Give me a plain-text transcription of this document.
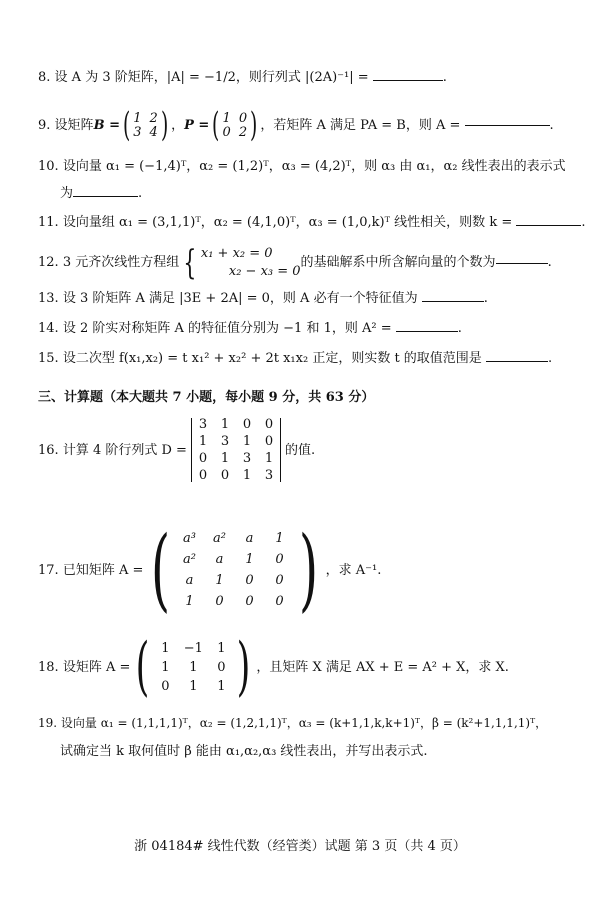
8. 设 A 为 3 阶矩阵，|A| = −1/2，则行列式 |(2A)⁻¹| =	.
9.
设矩阵 B = ( 1 2
3 4 ) ， P = ( 1 0
0 2 ) ，若矩阵 A 满足 PA = B，则 A =
	.
10. 设向量 α₁ = (−1,4)ᵀ，α₂ = (1,2)ᵀ，α₃ = (4,2)ᵀ，则 α₃ 由 α₁，α₂ 线性表出的表示式
为	.
11. 设向量组 α₁ = (3,1,1)ᵀ，α₂ = (4,1,0)ᵀ，α₃ = (1,0,k)ᵀ 线性相关，则数 k =	.
12.
3 元齐次线性方程组 { x₁ + x₂ = 0
x₂ − x₃ = 0
的基础解系中所含解向量的个数为	.
13. 设 3 阶矩阵 A 满足 |3E + 2A| = 0，则 A 必有一个特征值为	.
14. 设 2 阶实对称矩阵 A 的特征值分别为 −1 和 1，则 A² =	.
15. 设二次型 f(x₁,x₂) = t x₁² + x₂² + 2t x₁x₂ 正定，则实数 t 的取值范围是	.
三、计算题（本大题共 7 小题，每小题 9 分，共 63 分）
16.
计算 4 阶行列式 D =
3 1 0 0
1 3 1 0
0 1 3 1
0 0 1 3
的值.
17.
已知矩阵 A = ( a³	a²	a	1
a²	a	1	0
a	1	0	0
1	0	0	0 ) ，求 A⁻¹.
18.
设矩阵 A = ( 1	−1	1
1	1	0
0	1	1 ) ，且矩阵 X 满足 AX + E = A² + X，求 X.
19. 设向量 α₁ = (1,1,1,1)ᵀ，α₂ = (1,2,1,1)ᵀ，α₃ = (k+1,1,k,k+1)ᵀ，β = (k²+1,1,1,1)ᵀ，
试确定当 k 取何值时 β 能由 α₁,α₂,α₃ 线性表出，并写出表示式.
浙 04184# 线性代数（经管类）试题 第 3 页（共 4 页）
